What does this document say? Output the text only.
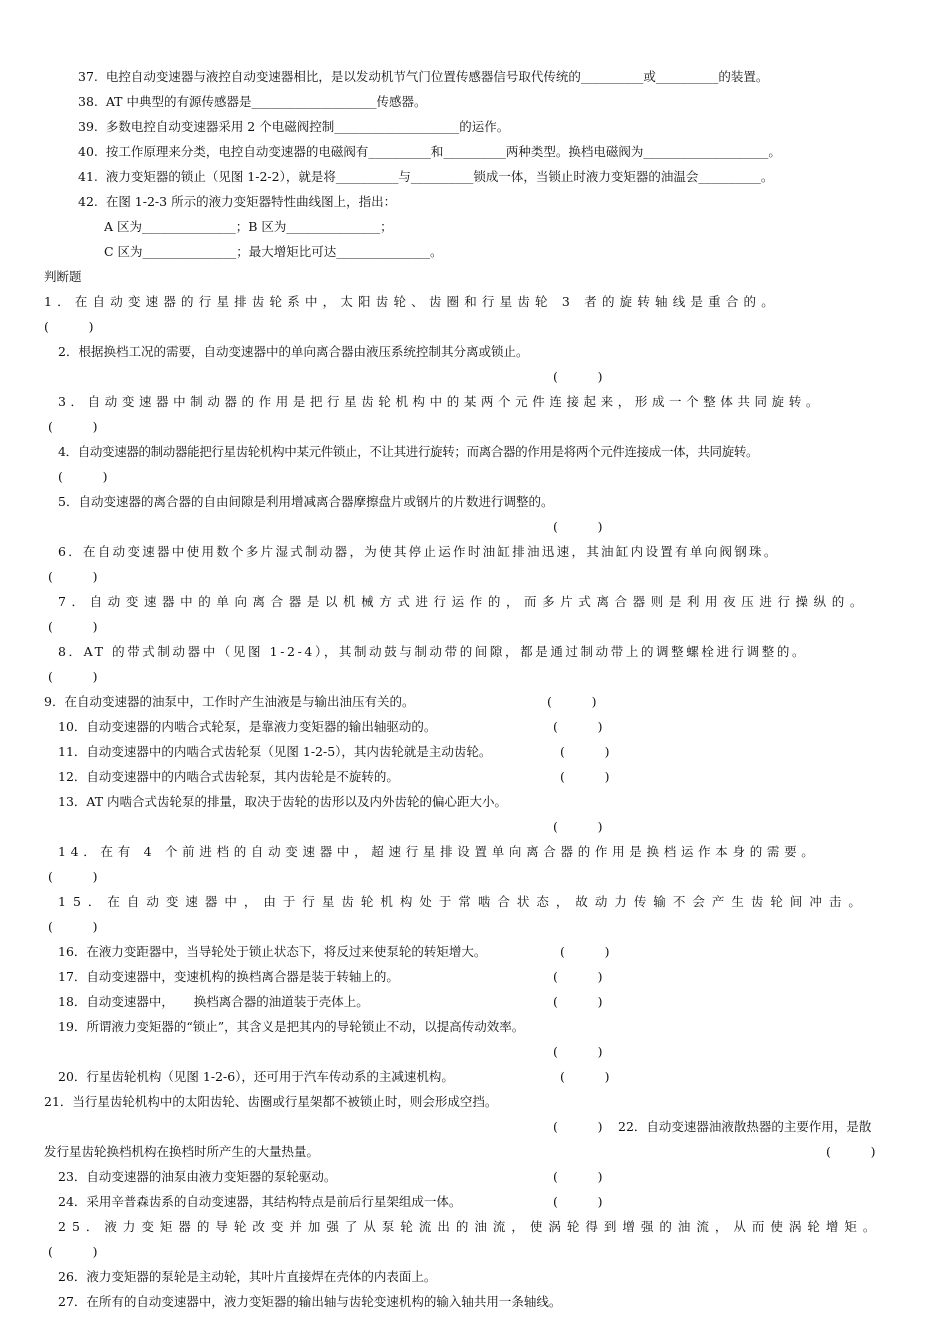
37.  电控自动变速器与液控自动变速器相比，是以发动机节气门位置传感器信号取代传统的__________或__________的装置。
38.  AT 中典型的有源传感器是____________________传感器。
39.  多数电控自动变速器采用 2 个电磁阀控制____________________的运作。
40.  按工作原理来分类，电控自动变速器的电磁阀有__________和__________两种类型。换档电磁阀为____________________。
41.  液力变矩器的锁止（见图 1-2-2），就是将__________与__________锁成一体，当锁止时液力变矩器的油温会__________。
42.  在图 1-2-3 所示的液力变矩器特性曲线图上，指出：
A 区为_______________；B 区为_______________；
C 区为_______________；最大增矩比可达_______________。
判断题
1．在自动变速器的行星排齿轮系中，太阳齿轮、齿圈和行星齿轮 3 者的旋转轴线是重合的。
(          )
2．根据换档工况的需要，自动变速器中的单向离合器由液压系统控制其分离或锁止。
(          )
3．自动变速器中制动器的作用是把行星齿轮机构中的某两个元件连接起来，形成一个整体共同旋转。
(          )
4．自动变速器的制动器能把行星齿轮机构中某元件锁止，不让其进行旋转；而离合器的作用是将两个元件连接成一体，共同旋转。
(          )
5．自动变速器的离合器的自由间隙是利用增减离合器摩擦盘片或钢片的片数进行调整的。
(          )
6．在自动变速器中使用数个多片湿式制动器，为使其停止运作时油缸排油迅速，其油缸内设置有单向阀钢珠。
(          )
7．自动变速器中的单向离合器是以机械方式进行运作的，而多片式离合器则是利用夜压进行操纵的。
(          )
8．AT 的带式制动器中（见图 1-2-4），其制动鼓与制动带的间隙，都是通过制动带上的调整螺栓进行调整的。
(          )
9．在自动变速器的油泵中，工作时产生油液是与输出油压有关的。	(          )
10．自动变速器的内啮合式轮泵，是靠液力变矩器的输出轴驱动的。	(          )
11．自动变速器中的内啮合式齿轮泵（见图 1-2-5），其内齿轮就是主动齿轮。	(          )
12．自动变速器中的内啮合式齿轮泵，其内齿轮是不旋转的。	(          )
13．AT 内啮合式齿轮泵的排量，取决于齿轮的齿形以及内外齿轮的偏心距大小。
(          )
14．在有 4 个前进档的自动变速器中，超速行星排设置单向离合器的作用是换档运作本身的需要。
(          )
15．在自动变速器中，由于行星齿轮机构处于常啮合状态，故动力传输不会产生齿轮间冲击。
(          )
16．在液力变距器中，当导轮处于锁止状态下，将反过来使泵轮的转矩增大。	(          )
17．自动变速器中，变速机构的换档离合器是装于转轴上的。	(          )
18．自动变速器中，     换档离合器的油道装于壳体上。	(          )
19．所谓液力变矩器的“锁止”，其含义是把其内的导轮锁止不动，以提高传动效率。
(          )
20．行星齿轮机构（见图 1-2-6），还可用于汽车传动系的主减速机构。	(          )
21．当行星齿轮机构中的太阳齿轮、齿圈或行星架都不被锁止时，则会形成空挡。
(          ) 22．自动变速器油液散热器的主要作用，是散
发行星齿轮换档机构在换档时所产生的大量热量。	(          )
23．自动变速器的油泵由液力变矩器的泵轮驱动。	(          )
24．采用辛普森齿系的自动变速器，其结构特点是前后行星架组成一体。	(          )
25．液力变矩器的导轮改变并加强了从泵轮流出的油流，使涡轮得到增强的油流，从而使涡轮增矩。
(          )
26．液力变矩器的泵轮是主动轮，其叶片直接焊在壳体的内表面上。
27．在所有的自动变速器中，液力变矩器的输出轴与齿轮变速机构的输入轴共用一条轴线。
